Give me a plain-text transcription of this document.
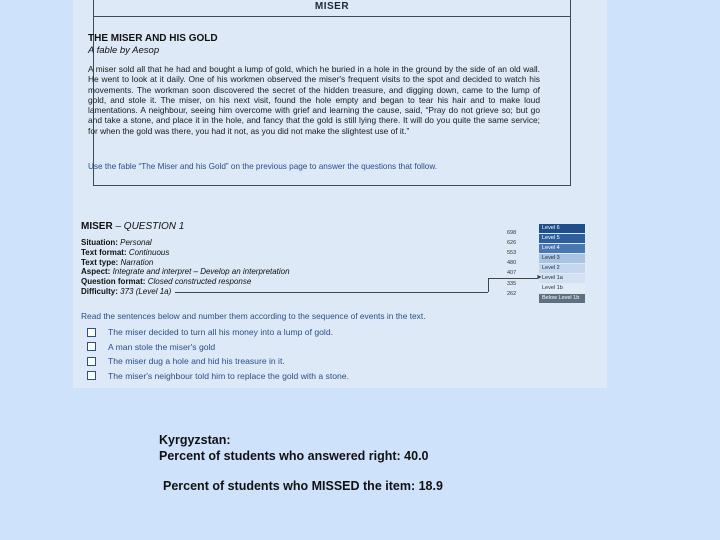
MISER
THE MISER AND HIS GOLD
A fable by Aesop

A miser sold all that he had and bought a lump of gold, which he buried in a hole in the ground by the side of an old wall. He went to look at it daily. One of his workmen observed the miser's frequent visits to the spot and decided to watch his movements. The workman soon discovered the secret of the hidden treasure, and digging down, came to the lump of gold, and stole it. The miser, on his next visit, found the hole empty and began to tear his hair and to make loud lamentations. A neighbour, seeing him overcome with grief and learning the cause, said, “Pray do not grieve so; but go and take a stone, and place it in the hole, and fancy that the gold is still lying there. It will do you quite the same service; for when the gold was there, you had it not, as you did not make the slightest use of it.”

Use the fable “The Miser and his Gold” on the previous page to answer the questions that follow.
MISER – QUESTION 1
Situation: Personal
Text format: Continuous
Text type: Narration
Aspect: Integrate and interpret – Develop an interpretation
Question format: Closed constructed response
Difficulty: 373 (Level 1a)
698
626
553
480
407
335
262
Level 6
Level 5
Level 4
Level 3
Level 2
Level 1a
Level 1b
Below Level 1b
►
Read the sentences below and number them according to the sequence of events in the text.
The miser decided to turn all his money into a lump of gold.
A man stole the miser's gold
The miser dug a hole and hid his treasure in it.
The miser's neighbour told him to replace the gold with a stone.
Kyrgyzstan:
Percent of students who answered right: 40.0
Percent of students who MISSED the item: 18.9
